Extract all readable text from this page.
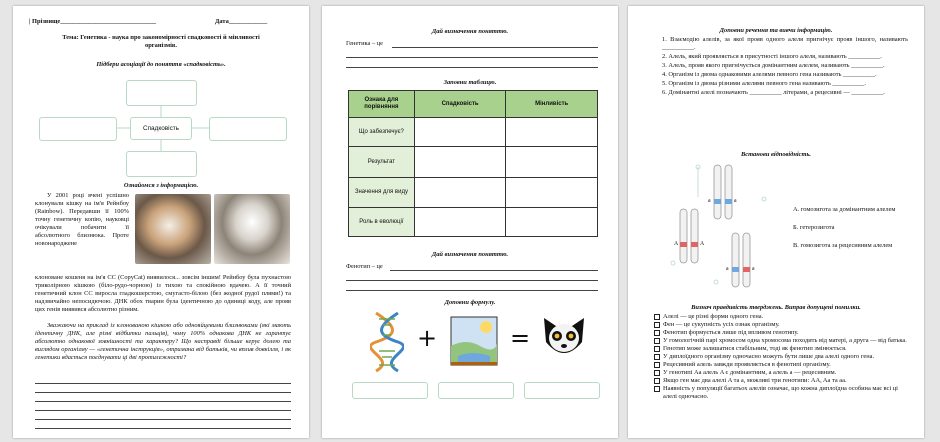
| Прізвище______________________________	Дата____________
Тема: Генетика - наука про закономірності спадковості й мінливості
організмів.
Підбери асоціації до поняття «спадковість».
Спадковість
Ознайомся з інформацією.
У 2001 році вчені успішно клонували кішку на ім'я Рейнбоу (Rainbow). Передавши її 100% точну генетичну копію, науковці очікували побачити її абсолютного близнюка. Проте новонароджене
клоноване кошеня на ім'я СС (CopyCat) виявилося... зовсім іншим! Рейнбоу була пухнастою триколірною кішкою (біло-рудо-чорною) із тихою та спокійною вдачею. А її точний генетичний клон СС виросла гладкошерстою, смугасто-білою (без жодної рудої плями!) та надзвичайно непосидючою. ДНК обох тварин була ідентичною до одиниці коду, але прояв цих генів виявився абсолютно різним.
Зважаючи на приклад із клонованою кішкою або однояйцевими близнюками (які мають ідентичну ДНК, але різні відбитки пальців), чому 100% однакова ДНК не гарантує абсолютно однакової зовнішності та характеру? Що насправді більше керує долею та виглядом організму — «генетична інструкція», отримана від батьків, чи вплив довкілля, і як генетики вдасться поєднувати ці дві протилежності?
Дай визначення поняттю.
Генетика – це
Заповни таблицю.
Ознака для порівняння	Спадковість	Мінливість
Що забезпечує?		
Результат		
Значення для виду		
Роль в еволюції		
Дай визначення поняттю.
Фенотип – це
Доповни формулу.
+	=
Доповни речення та вивчи інформацію.
1. Взаємодію алелів, за якої прояв одного алеля пригнічує прояв іншого, називають __________.
2. Алель, який проявляється в присутності іншого алеля, називають __________.
3. Алель, прояв якого пригнічується домінантним алелем, називають __________.
4. Організм із двома однаковими алелями певного гена називають __________.
5. Організм із двома різними алелями певного гена називають __________.
6. Домінантні алелі позначають __________ літерами, а рецесивні — __________.
Встанови відповідність.
a	a
A	A
a	a
А. гомозигота за домінантним алелем
Б. гетерозигота
В. гомозигота за рецесивним алелем
Визнач правдивість тверджень. Виправ допущені помилки.
Алелі — це різні форми одного гена.
Фен — це сукупність усіх ознак організму.
Фенотип формується лише під впливом генотипу.
У гомологічній парі хромосом одна хромосома походить від матері, а друга — від батька.
Генотип може залишатися стабільним, тоді як фенотип змінюється.
У диплоїдного організму одночасно можуть бути лише два алелі одного гена.
Рецесивний алель завжди проявляється в фенотипі організму.
У генотипі Aa алель A є домінантним, а алель a — рецесивним.
Якщо ген має два алелі A та a, можливі три генотипи: AA, Aa та aa.
Наявність у популяції багатьох алелів означає, що кожна диплоїдна особина має всі ці алелі одночасно.
